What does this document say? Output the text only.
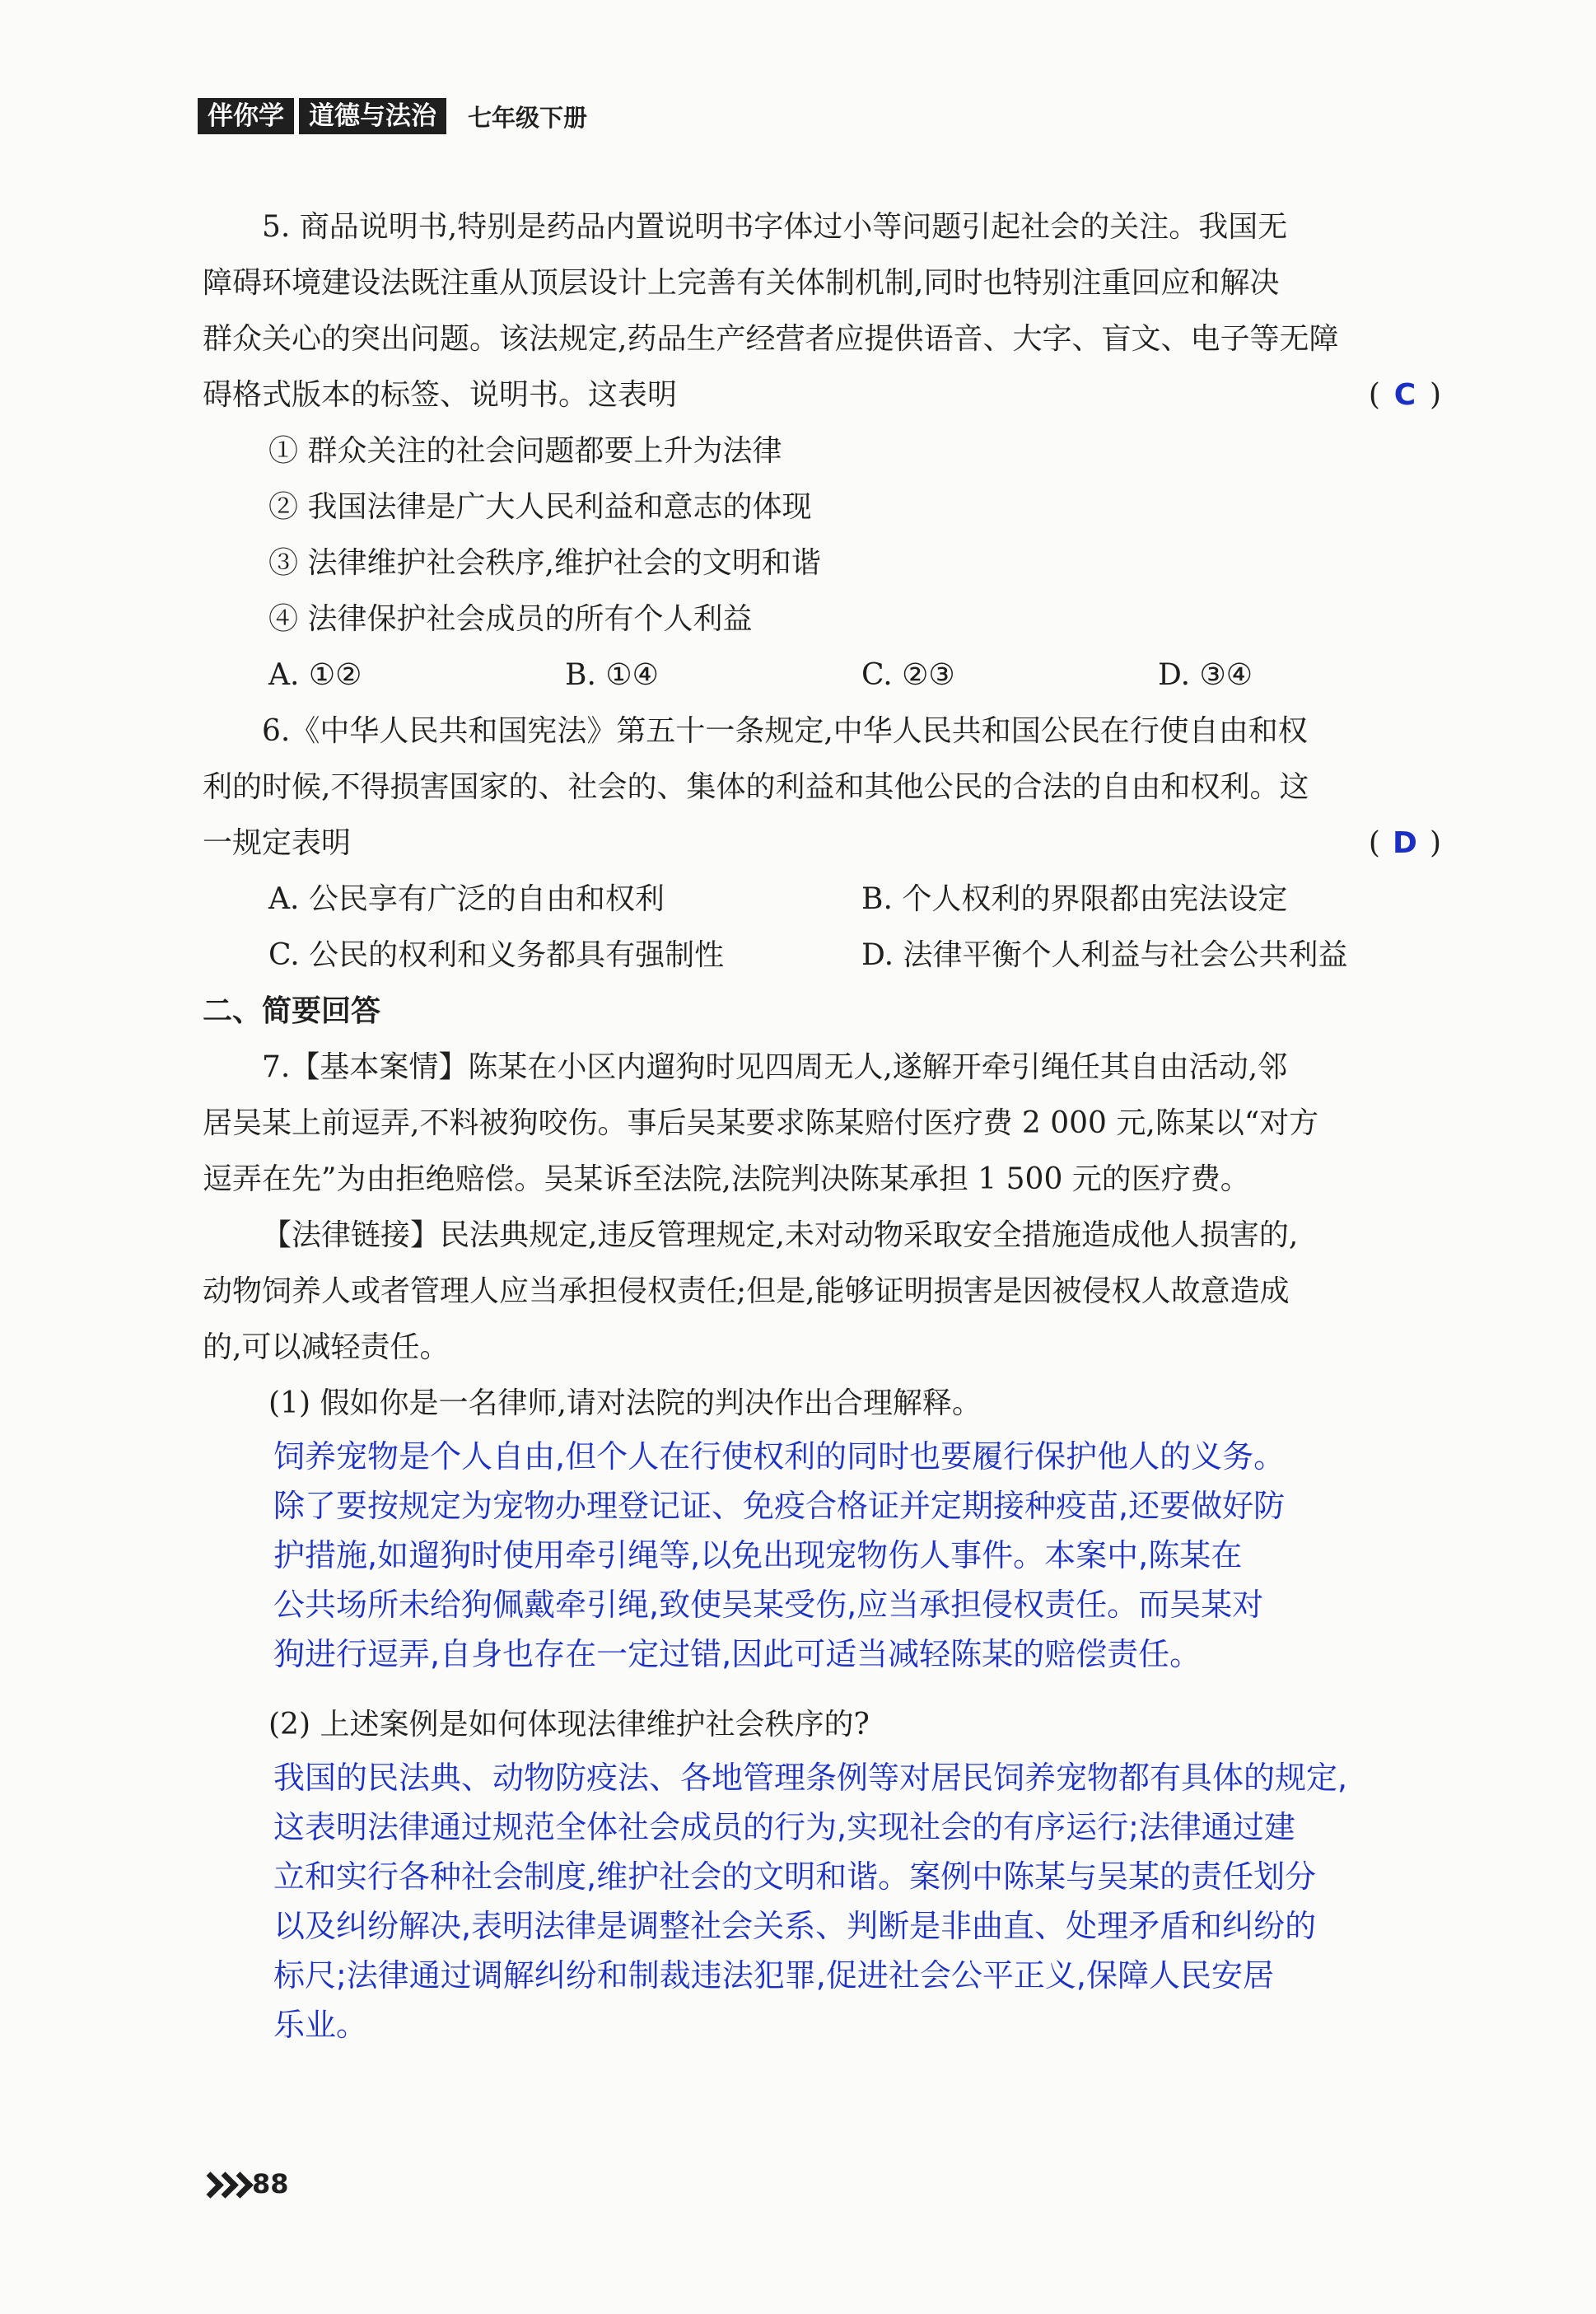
伴你学 道德与法治	七年级下册
5. 商品说明书,特别是药品内置说明书字体过小等问题引起社会的关注。我国无
障碍环境建设法既注重从顶层设计上完善有关体制机制,同时也特别注重回应和解决
群众关心的突出问题。该法规定,药品生产经营者应提供语音、大字、盲文、电子等无障
碍格式版本的标签、说明书。这表明	( C )
① 群众关注的社会问题都要上升为法律
② 我国法律是广大人民利益和意志的体现
③ 法律维护社会秩序,维护社会的文明和谐
④ 法律保护社会成员的所有个人利益
A. ①②	B. ①④	C. ②③	D. ③④
6.《中华人民共和国宪法》第五十一条规定,中华人民共和国公民在行使自由和权
利的时候,不得损害国家的、社会的、集体的利益和其他公民的合法的自由和权利。这
一规定表明	( D )
A. 公民享有广泛的自由和权利	B. 个人权利的界限都由宪法设定
C. 公民的权利和义务都具有强制性	D. 法律平衡个人利益与社会公共利益
二、简要回答
7.【基本案情】陈某在小区内遛狗时见四周无人,遂解开牵引绳任其自由活动,邻
居吴某上前逗弄,不料被狗咬伤。事后吴某要求陈某赔付医疗费 2 000 元,陈某以“对方
逗弄在先”为由拒绝赔偿。吴某诉至法院,法院判决陈某承担 1 500 元的医疗费。
【法律链接】民法典规定,违反管理规定,未对动物采取安全措施造成他人损害的,
动物饲养人或者管理人应当承担侵权责任;但是,能够证明损害是因被侵权人故意造成
的,可以减轻责任。
(1) 假如你是一名律师,请对法院的判决作出合理解释。
饲养宠物是个人自由,但个人在行使权利的同时也要履行保护他人的义务。
除了要按规定为宠物办理登记证、免疫合格证并定期接种疫苗,还要做好防
护措施,如遛狗时使用牵引绳等,以免出现宠物伤人事件。本案中,陈某在
公共场所未给狗佩戴牵引绳,致使吴某受伤,应当承担侵权责任。而吴某对
狗进行逗弄,自身也存在一定过错,因此可适当减轻陈某的赔偿责任。
(2) 上述案例是如何体现法律维护社会秩序的?
我国的民法典、动物防疫法、各地管理条例等对居民饲养宠物都有具体的规定,
这表明法律通过规范全体社会成员的行为,实现社会的有序运行;法律通过建
立和实行各种社会制度,维护社会的文明和谐。案例中陈某与吴某的责任划分
以及纠纷解决,表明法律是调整社会关系、判断是非曲直、处理矛盾和纠纷的
标尺;法律通过调解纠纷和制裁违法犯罪,促进社会公平正义,保障人民安居
乐业。
88
